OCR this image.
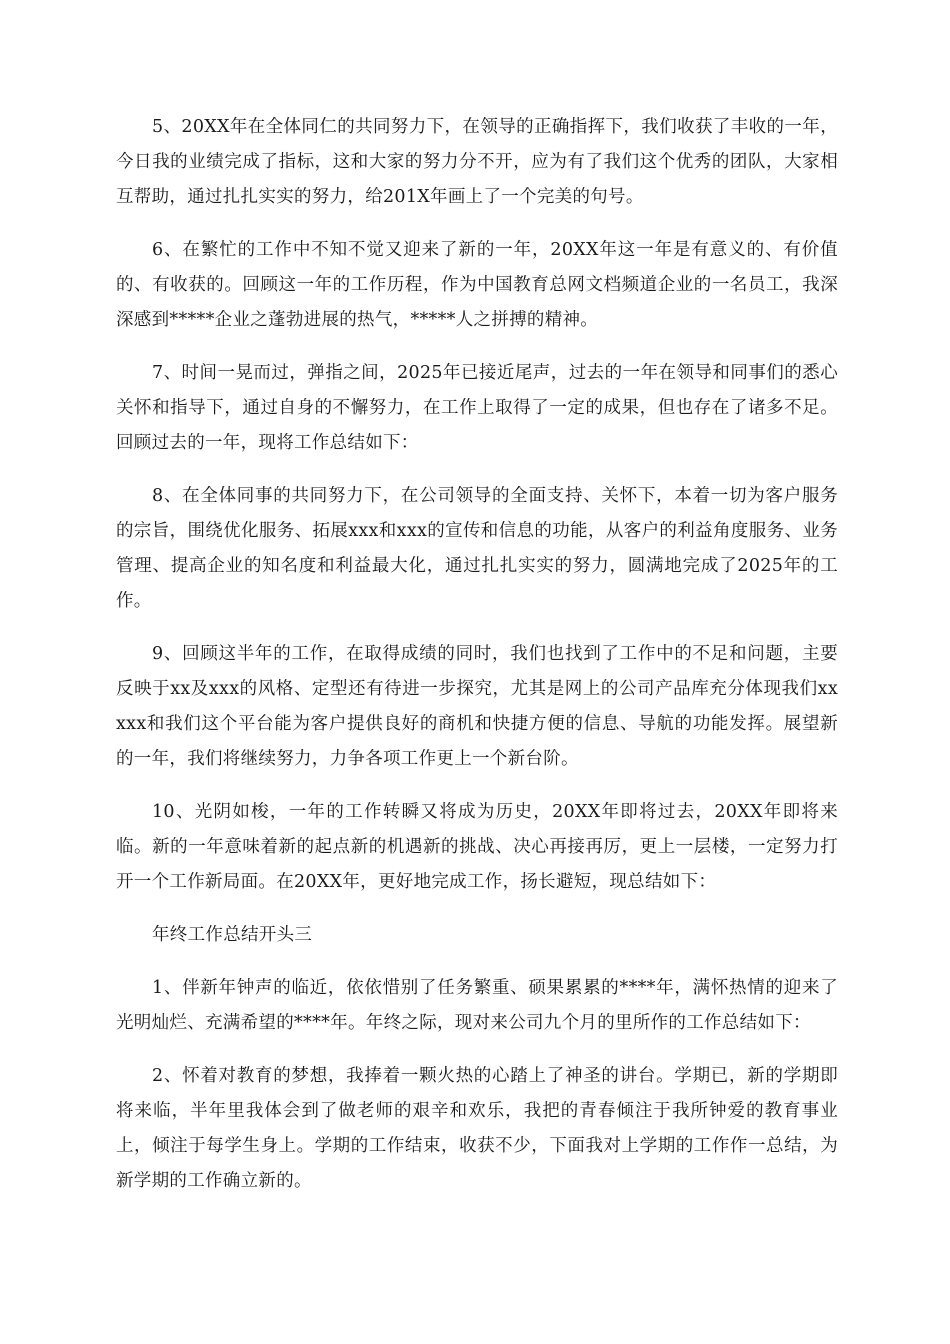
5、20XX年在全体同仁的共同努力下，在领导的正确指挥下，我们收获了丰收的一年，今日我的业绩完成了指标，这和大家的努力分不开，应为有了我们这个优秀的团队，大家相互帮助，通过扎扎实实的努力，给201X年画上了一个完美的句号。

6、在繁忙的工作中不知不觉又迎来了新的一年，20XX年这一年是有意义的、有价值的、有收获的。回顾这一年的工作历程，作为中国教育总网文档频道企业的一名员工，我深深感到*****企业之蓬勃进展的热气，*****人之拼搏的精神。

7、时间一晃而过，弹指之间，2025年已接近尾声，过去的一年在领导和同事们的悉心关怀和指导下，通过自身的不懈努力，在工作上取得了一定的成果，但也存在了诸多不足。回顾过去的一年，现将工作总结如下：

8、在全体同事的共同努力下，在公司领导的全面支持、关怀下，本着一切为客户服务的宗旨，围绕优化服务、拓展xxx和xxx的宣传和信息的功能，从客户的利益角度服务、业务管理、提高企业的知名度和利益最大化，通过扎扎实实的努力，圆满地完成了2025年的工作。

9、回顾这半年的工作，在取得成绩的同时，我们也找到了工作中的不足和问题，主要反映于xx及xxx的风格、定型还有待进一步探究，尤其是网上的公司产品库充分体现我们xxxxx和我们这个平台能为客户提供良好的商机和快捷方便的信息、导航的功能发挥。展望新的一年，我们将继续努力，力争各项工作更上一个新台阶。

10、光阴如梭，一年的工作转瞬又将成为历史，20XX年即将过去，20XX年即将来临。新的一年意味着新的起点新的机遇新的挑战、决心再接再厉，更上一层楼，一定努力打开一个工作新局面。在20XX年，更好地完成工作，扬长避短，现总结如下：

年终工作总结开头三

1、伴新年钟声的临近，依依惜别了任务繁重、硕果累累的****年，满怀热情的迎来了光明灿烂、充满希望的****年。年终之际，现对来公司九个月的里所作的工作总结如下：

2、怀着对教育的梦想，我捧着一颗火热的心踏上了神圣的讲台。学期已，新的学期即将来临，半年里我体会到了做老师的艰辛和欢乐，我把的青春倾注于我所钟爱的教育事业上，倾注于每学生身上。学期的工作结束，收获不少，下面我对上学期的工作作一总结，为新学期的工作确立新的。
